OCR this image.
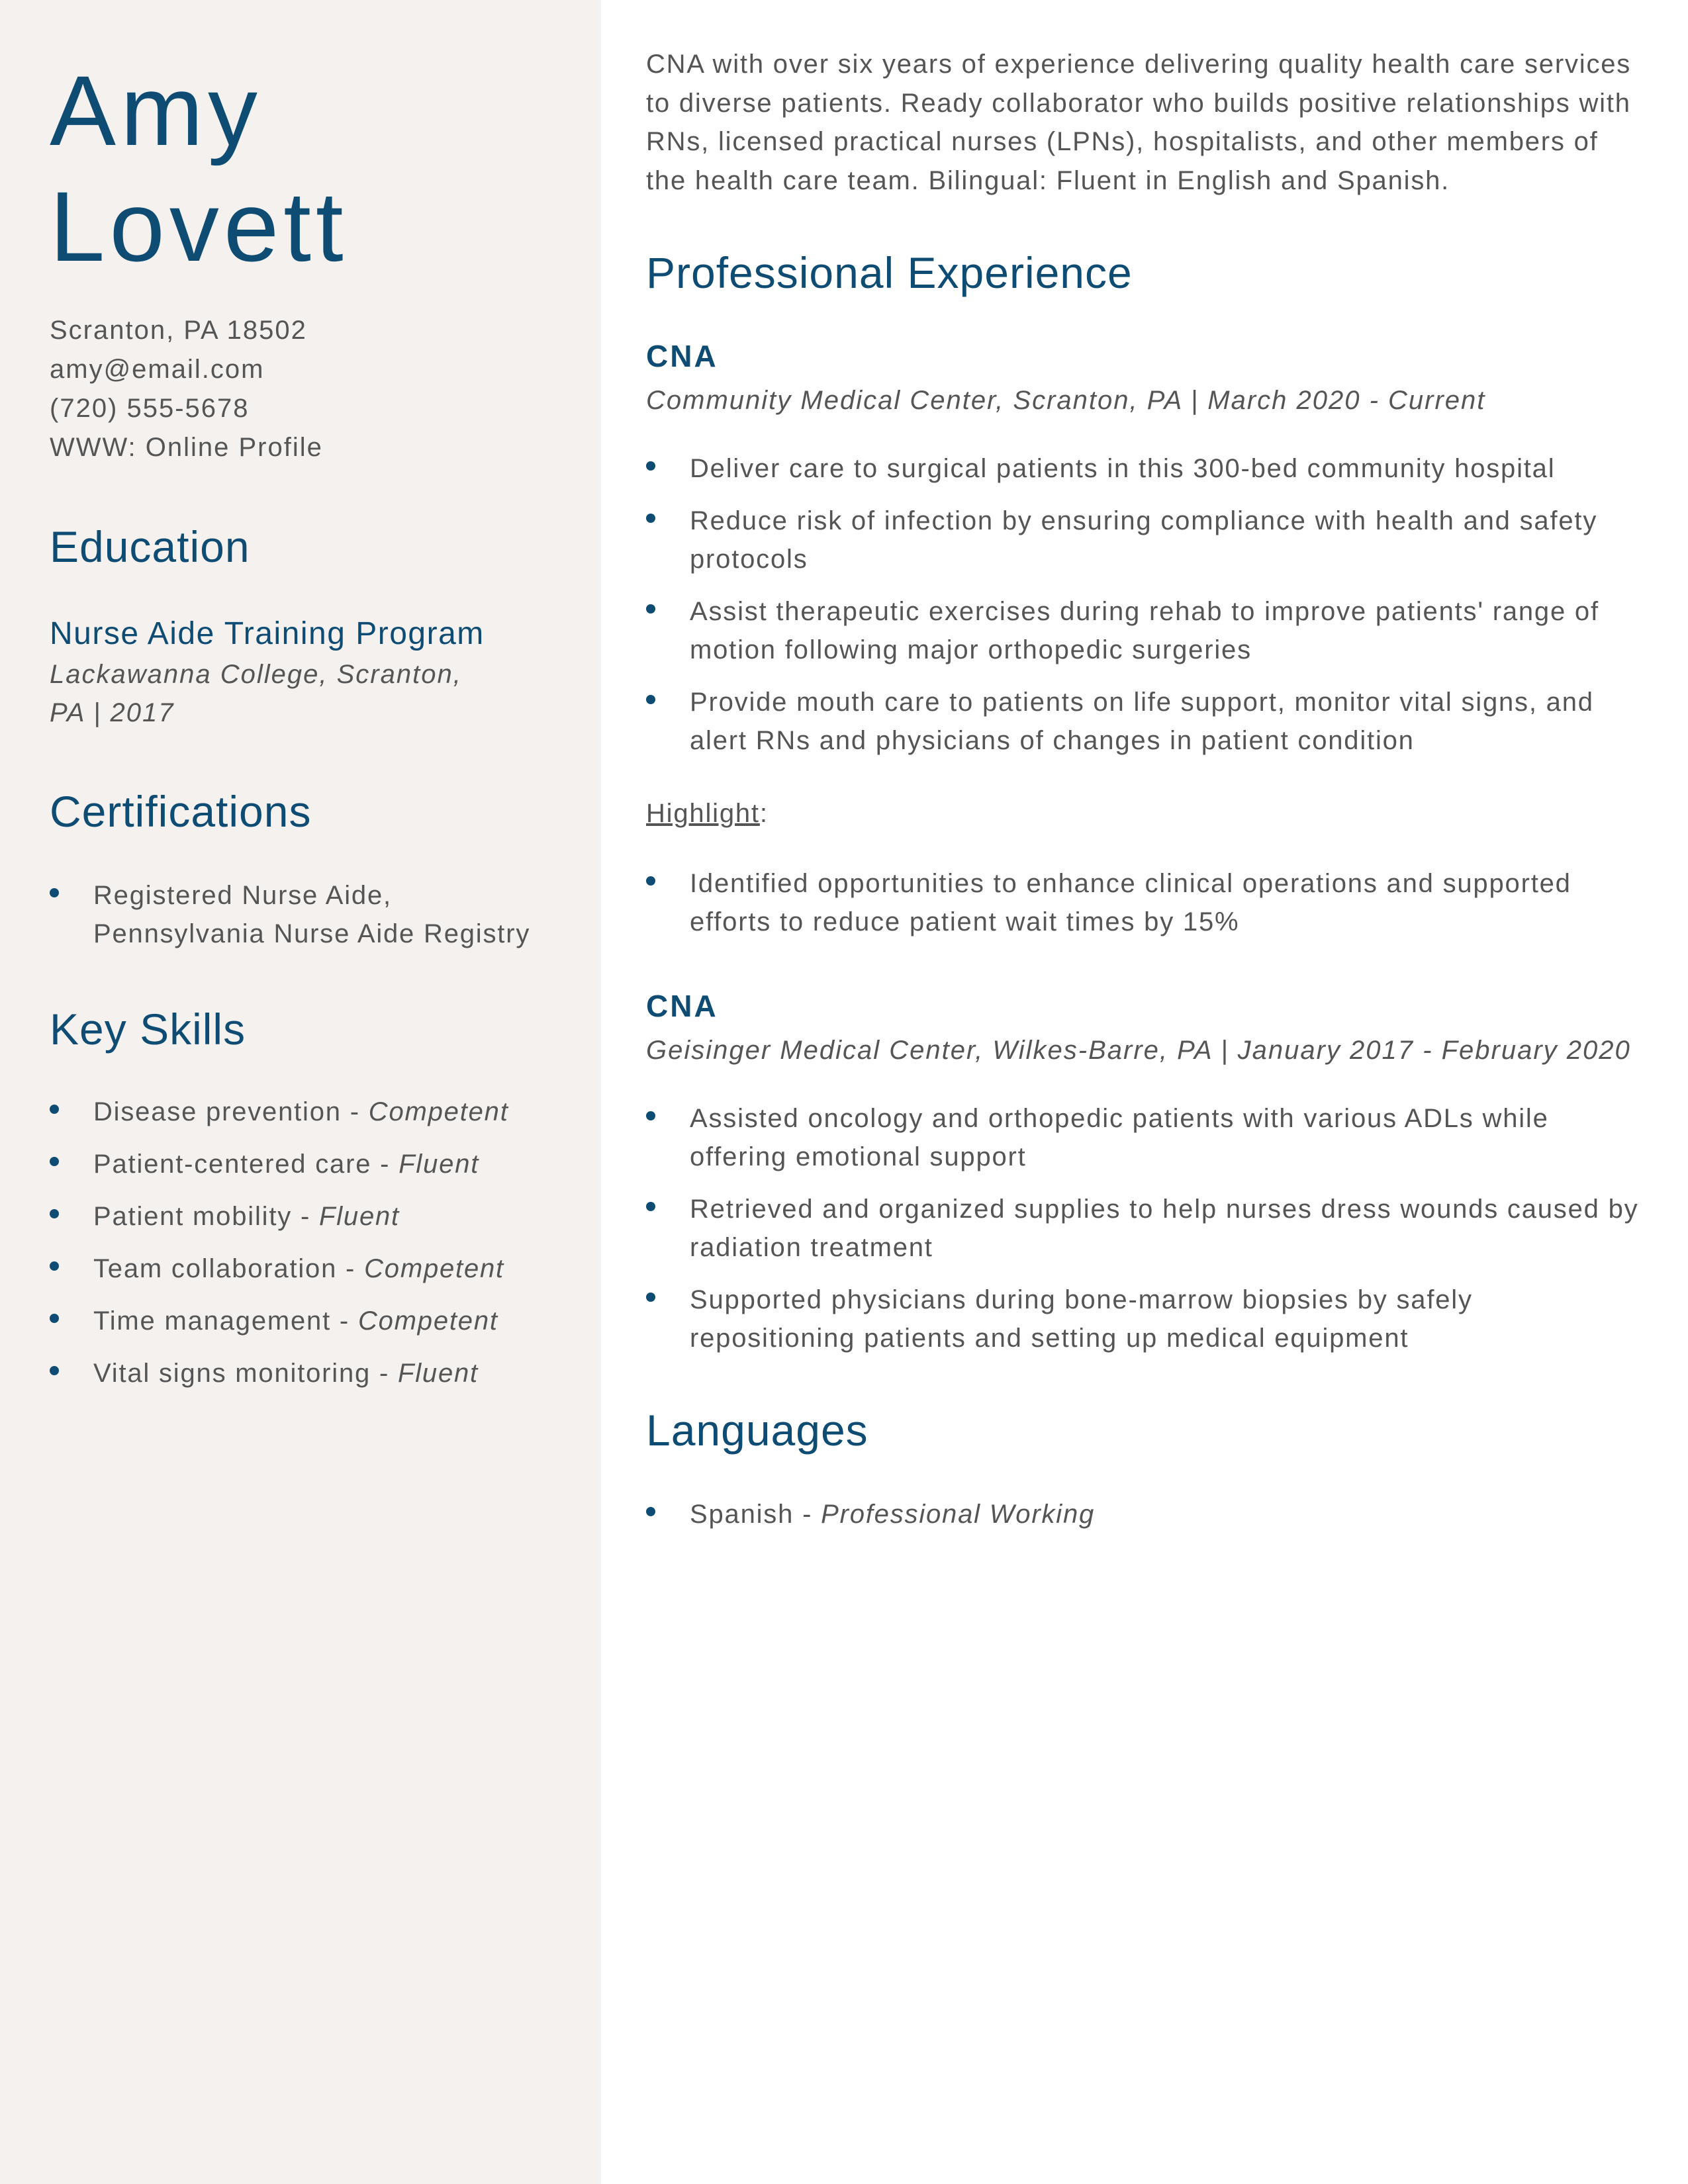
Amy
Lovett
Scranton, PA 18502
amy@email.com
(720) 555-5678
WWW: Online Profile
Education
Nurse Aide Training Program
Lackawanna College, Scranton,
PA | 2017
Certifications
Registered Nurse Aide, Pennsylvania Nurse Aide Registry
Key Skills
Disease prevention - Competent
Patient-centered care - Fluent
Patient mobility - Fluent
Team collaboration - Competent
Time management - Competent
Vital signs monitoring - Fluent

CNA with over six years of experience delivering quality health care services to diverse patients. Ready collaborator who builds positive relationships with RNs, licensed practical nurses (LPNs), hospitalists, and other members of the health care team. Bilingual: Fluent in English and Spanish.

Professional Experience
CNA
Community Medical Center, Scranton, PA | March 2020 - Current
Deliver care to surgical patients in this 300-bed community hospital
Reduce risk of infection by ensuring compliance with health and safety protocols
Assist therapeutic exercises during rehab to improve patients' range of motion following major orthopedic surgeries
Provide mouth care to patients on life support, monitor vital signs, and alert RNs and physicians of changes in patient condition
Highlight:
Identified opportunities to enhance clinical operations and supported efforts to reduce patient wait times by 15%
CNA
Geisinger Medical Center, Wilkes-Barre, PA | January 2017 - February 2020
Assisted oncology and orthopedic patients with various ADLs while offering emotional support
Retrieved and organized supplies to help nurses dress wounds caused by radiation treatment
Supported physicians during bone-marrow biopsies by safely repositioning patients and setting up medical equipment
Languages
Spanish - Professional Working
